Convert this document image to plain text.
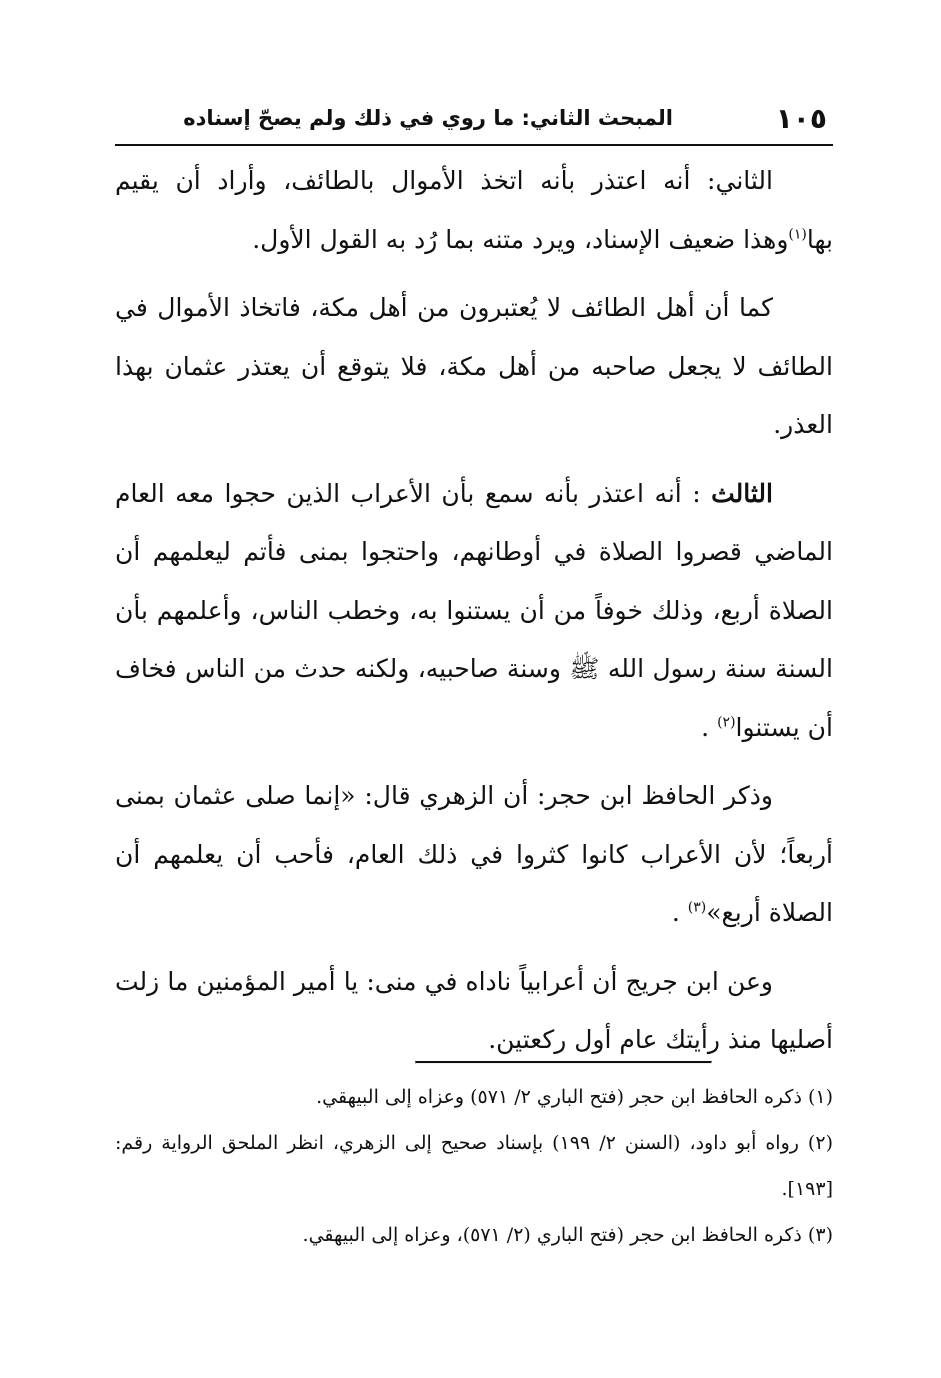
١٠٥
المبحث الثاني: ما روي في ذلك ولم يصحّ إسناده

الثاني: أنه اعتذر بأنه اتخذ الأموال بالطائف، وأراد أن يقيم بها$^{(١)}$وهذا ضعيف الإسناد، ويرد متنه بما رُد به القول الأول.

كما أن أهل الطائف لا يُعتبرون من أهل مكة، فاتخاذ الأموال في الطائف لا يجعل صاحبه من أهل مكة، فلا يتوقع أن يعتذر عثمان بهذا العذر.

الثالث : أنه اعتذر بأنه سمع بأن الأعراب الذين حجوا معه العام الماضي قصروا الصلاة في أوطانهم، واحتجوا بمنى فأتم ليعلمهم أن الصلاة أربع، وذلك خوفاً من أن يستنوا به، وخطب الناس، وأعلمهم بأن السنة سنة رسول الله ﷺ وسنة صاحبيه، ولكنه حدث من الناس فخاف أن يستنوا$^{(٢)}$ .

وذكر الحافظ ابن حجر: أن الزهري قال: «إنما صلى عثمان بمنى أربعاً؛ لأن الأعراب كانوا كثروا في ذلك العام، فأحب أن يعلمهم أن الصلاة أربع»$^{(٣)}$ .

وعن ابن جريج أن أعرابياً ناداه في منى: يا أمير المؤمنين ما زلت أصليها منذ رأيتك عام أول ركعتين.

(١) ذكره الحافظ ابن حجر (فتح الباري ٢/ ٥٧١) وعزاه إلى البيهقي.

(٢) رواه أبو داود، (السنن ٢/ ١٩٩) بإسناد صحيح إلى الزهري، انظر الملحق الرواية رقم: [١٩٣].

(٣) ذكره الحافظ ابن حجر (فتح الباري (٢/ ٥٧١)، وعزاه إلى البيهقي.
